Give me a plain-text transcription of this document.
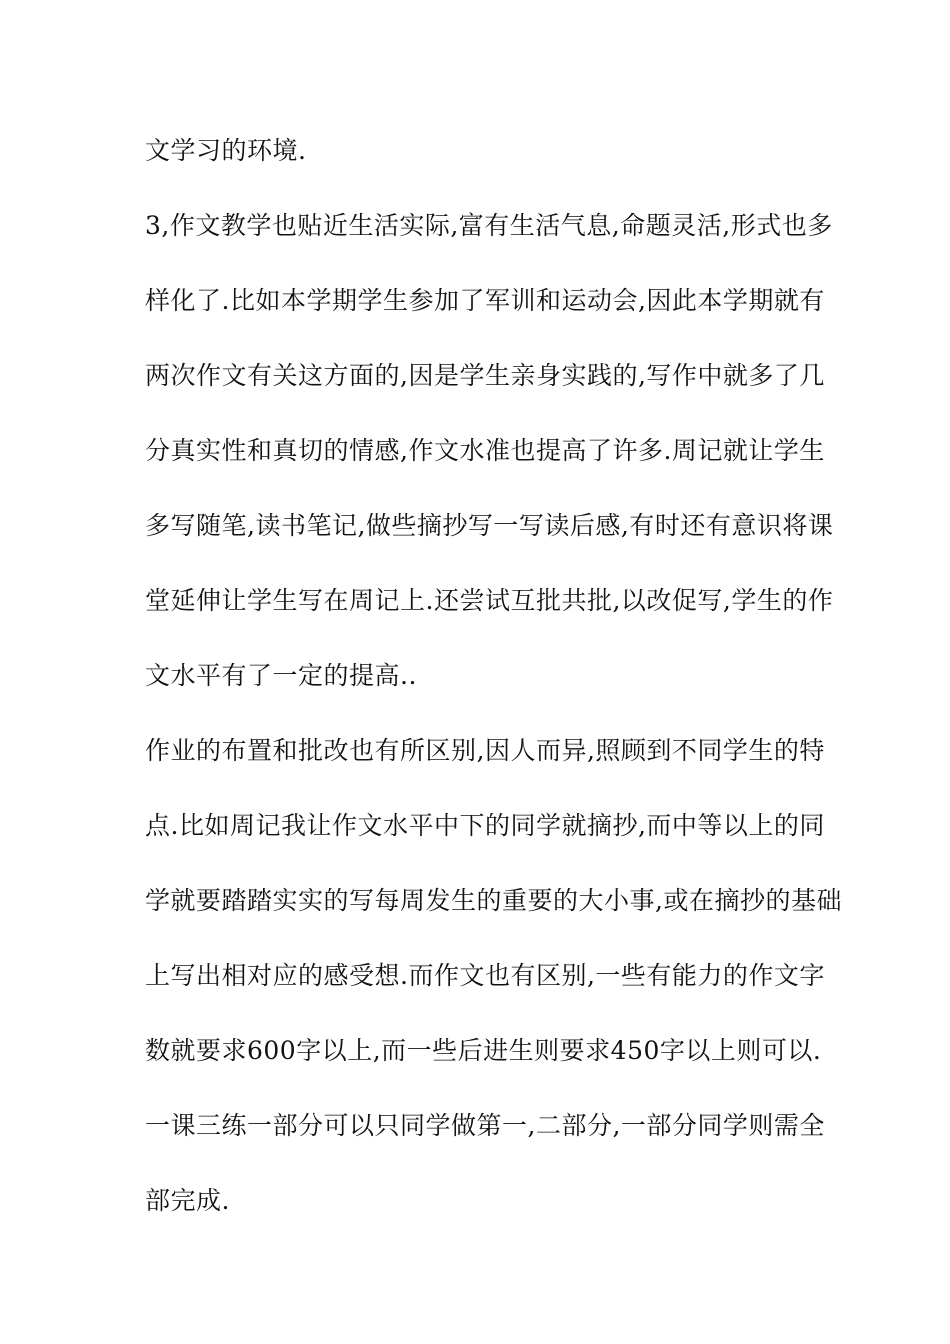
文学习的环境.
3,作文教学也贴近生活实际,富有生活气息,命题灵活,形式也多
样化了.比如本学期学生参加了军训和运动会,因此本学期就有
两次作文有关这方面的,因是学生亲身实践的,写作中就多了几
分真实性和真切的情感,作文水准也提高了许多.周记就让学生
多写随笔,读书笔记,做些摘抄写一写读后感,有时还有意识将课
堂延伸让学生写在周记上.还尝试互批共批,以改促写,学生的作
文水平有了一定的提高..
作业的布置和批改也有所区别,因人而异,照顾到不同学生的特
点.比如周记我让作文水平中下的同学就摘抄,而中等以上的同
学就要踏踏实实的写每周发生的重要的大小事,或在摘抄的基础
上写出相对应的感受想.而作文也有区别,一些有能力的作文字
数就要求600字以上,而一些后进生则要求450字以上则可以.
一课三练一部分可以只同学做第一,二部分,一部分同学则需全
部完成.
